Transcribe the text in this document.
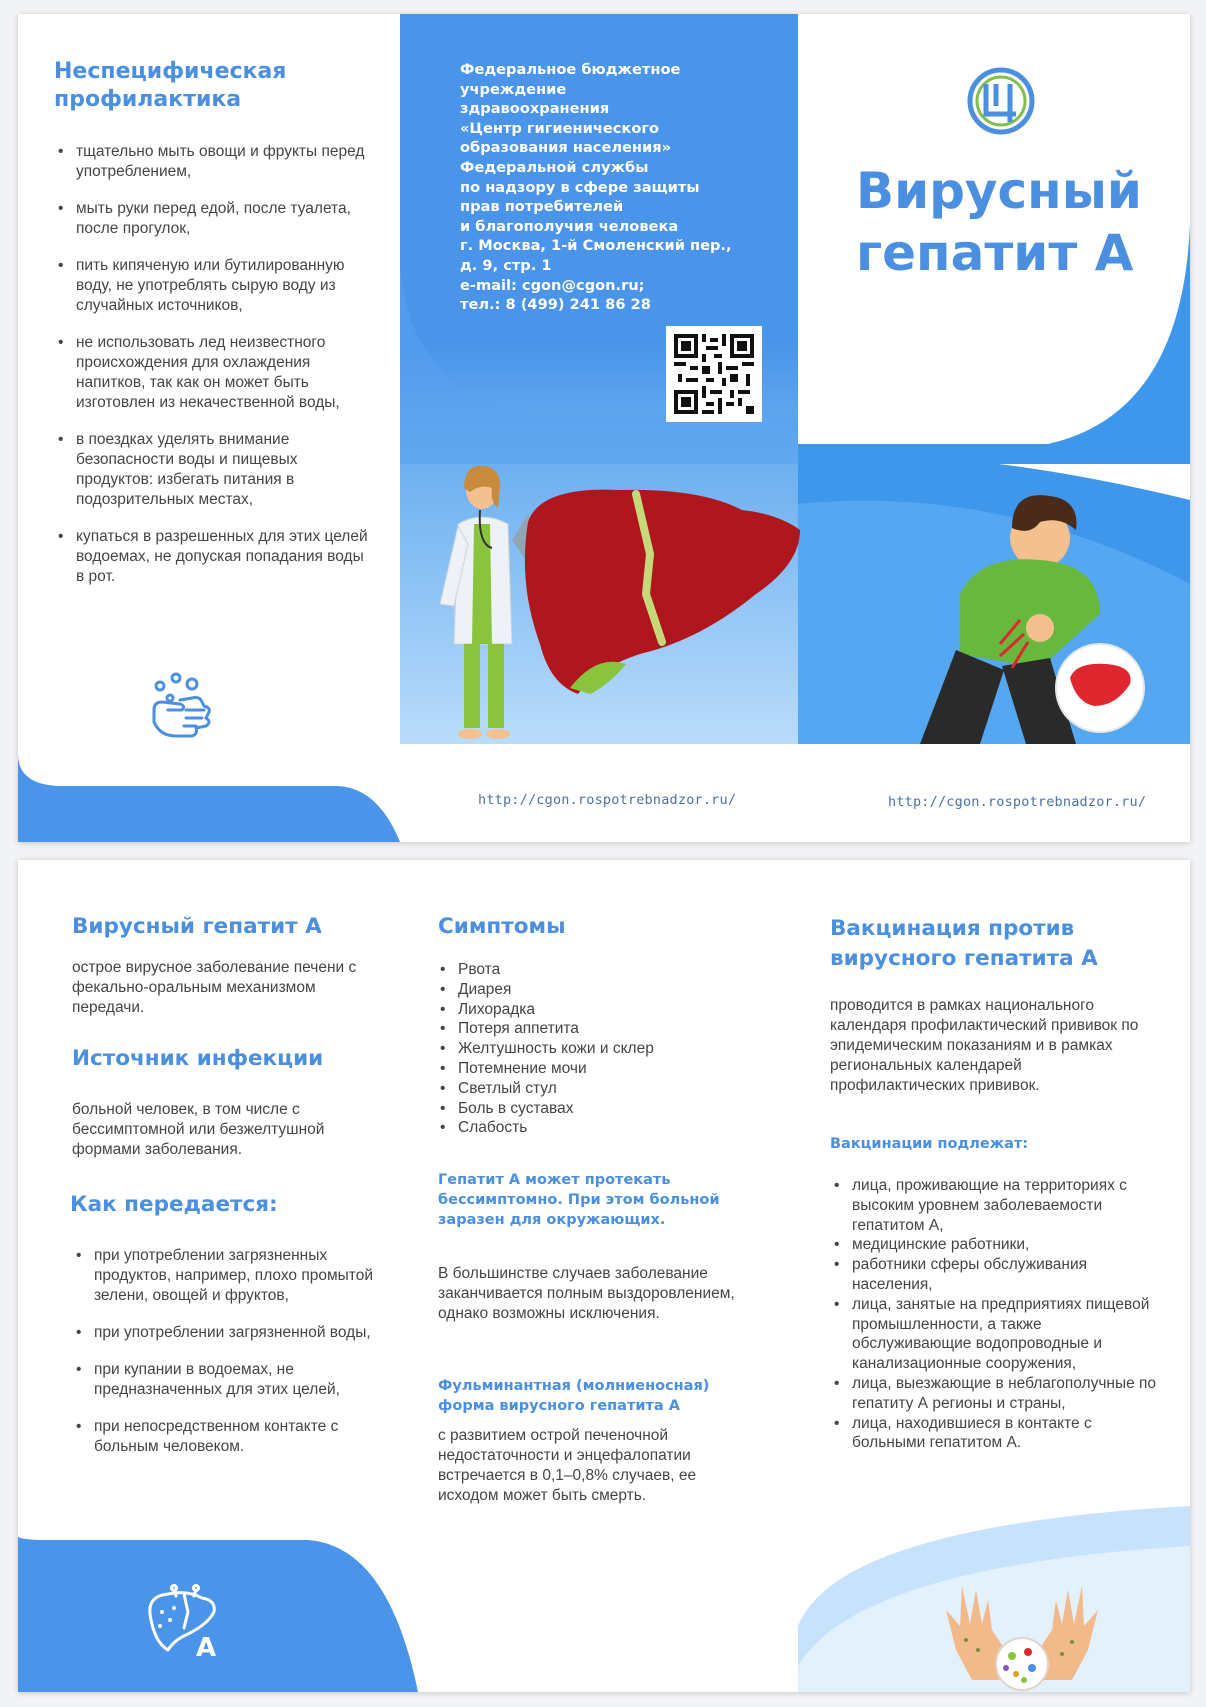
Неспецифическая профилактика
• тщательно мыть овощи и фрукты перед употреблением,
• мыть руки перед едой, после туалета, после прогулок,
• пить кипяченую или бутилированную воду, не употреблять сырую воду из случайных источников,
• не использовать лед неизвестного происхождения для охлаждения напитков, так как он может быть изготовлен из некачественной воды,
• в поездках уделять внимание безопасности воды и пищевых продуктов: избегать питания в подозрительных местах,
• купаться в разрешенных для этих целей водоемах, не допуская попадания воды в рот.
Федеральное бюджетное
учреждение
здравоохранения
«Центр гигиенического
образования населения»
Федеральной службы
по надзору в сфере защиты
прав потребителей
и благополучия человека
г. Москва, 1-й Смоленский пер.,
д. 9, стр. 1
e-mail: cgon@cgon.ru;
тел.: 8 (499) 241 86 28
http://cgon.rospotrebnadzor.ru/
Вирусный
гепатит А
http://cgon.rospotrebnadzor.ru/
Вирусный гепатит А

острое вирусное заболевание печени с фекально-оральным механизмом передачи.

Источник инфекции

больной человек, в том числе с бессимптомной или безжелтушной формами заболевания.

Как передается:
• при употреблении загрязненных продуктов, например, плохо промытой зелени, овощей и фруктов,
• при употреблении загрязненной воды,
• при купании в водоемах, не предназначенных для этих целей,
• при непосредственном контакте с больным человеком.
A
Симптомы
• Рвота
• Диарея
• Лихорадка
• Потеря аппетита
• Желтушность кожи и склер
• Потемнение мочи
• Светлый стул
• Боль в суставах
• Слабость

Гепатит А может протекать бессимптомно. При этом больной заразен для окружающих.

В большинстве случаев заболевание заканчивается полным выздоровлением, однако возможны исключения.

Фульминантная (молниеносная) форма вирусного гепатита А

с развитием острой печеночной недостаточности и энцефалопатии встречается в 0,1–0,8% случаев, ее исходом может быть смерть.

Вакцинация против вирусного гепатита А

проводится в рамках национального календаря профилактический прививок по эпидемическим показаниям и в рамках региональных календарей профилактических прививок.

Вакцинации подлежат:

• лица, проживающие на территориях с высоким уровнем заболеваемости гепатитом А,
• медицинские работники,
• работники сферы обслуживания населения,
• лица, занятые на предприятиях пищевой промышленности, а также обслуживающие водопроводные и канализационные сооружения,
• лица, выезжающие в неблагополучные по гепатиту А регионы и страны,
• лица, находившиеся в контакте с больными гепатитом А.
